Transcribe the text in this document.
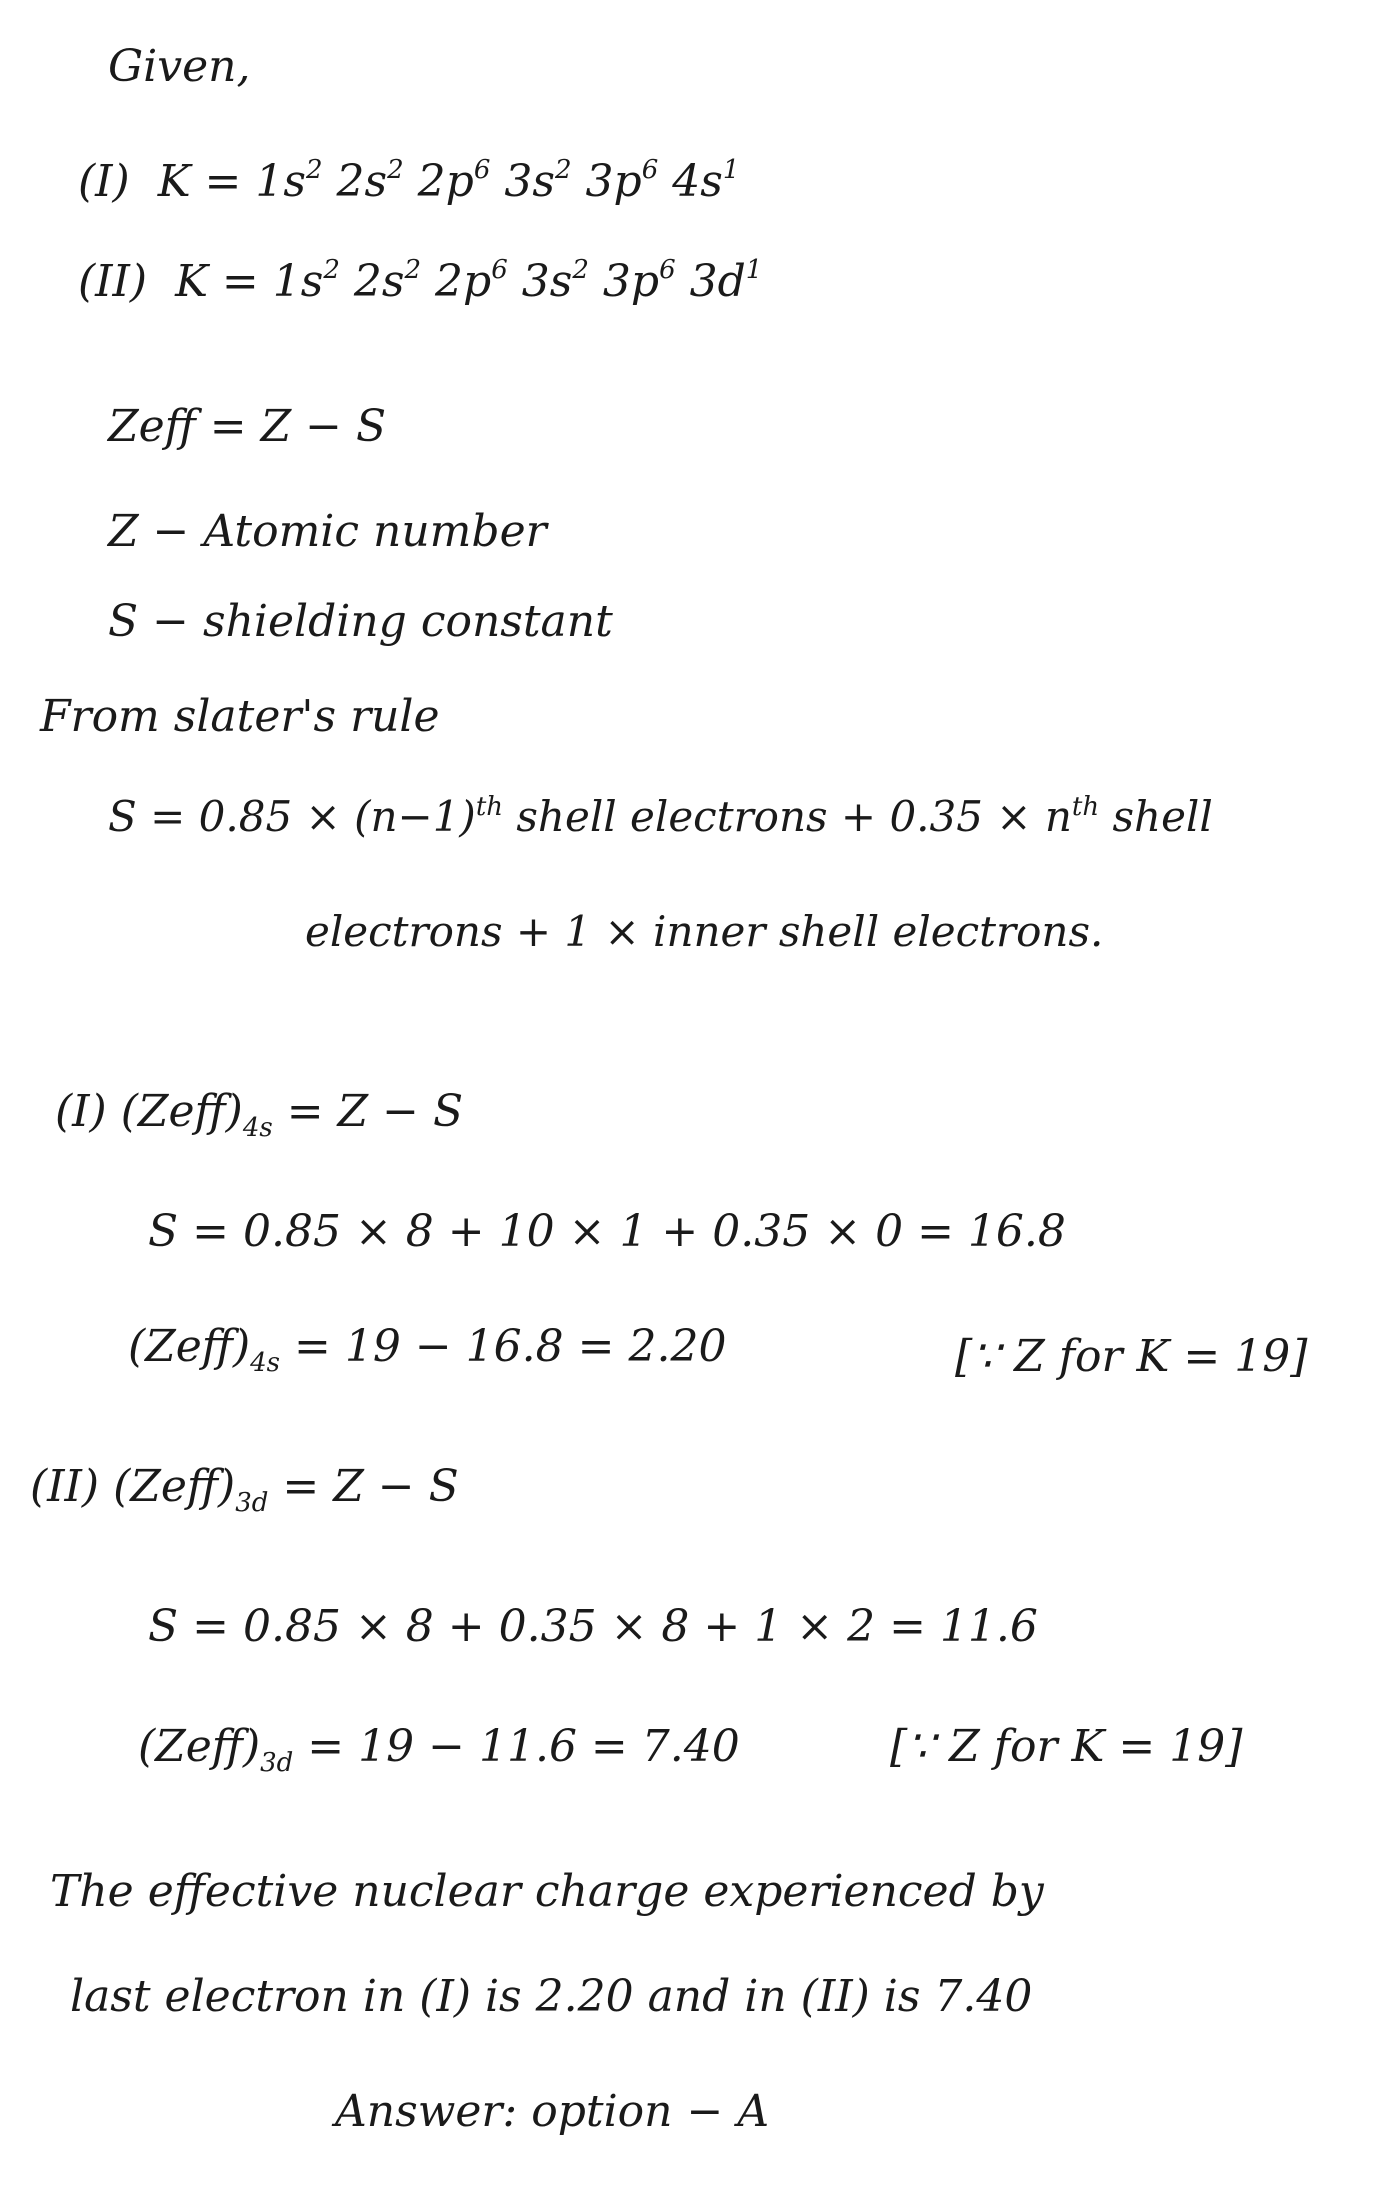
Given,
(I) $K = 1s^2$ $2s^2$ $2p^6$ $3s^2$ $3p^6$ $4s^1$
(II) $K = 1s^2$ $2s^2$ $2p^6$ $3s^2$ $3p^6$ $3d^1$
Zeff = Z − S
Z − Atomic number
S − shielding constant
From slater's rule
$S = 0.85 \times (n-1)^{th}$ shell electrons + $0.35 \times n^{th}$ shell
electrons + 1 × inner shell electrons.
(I) $(Zeff)_{4s} = Z - S$
S = 0.85 × 8 + 10 × 1 + 0.35 × 0 = 16.8
$(Zeff)_{4s} = 19 - 16.8 = 2.20$	[∵ Z for K = 19]
(II) $(Zeff)_{3d} = Z - S$
S = 0.85 × 8 + 0.35 × 8 + 1 × 2 = 11.6
$(Zeff)_{3d} = 19 - 11.6 = 7.40$	[∵ Z for K = 19]
The effective nuclear charge experienced by
last electron in (I) is 2.20 and in (II) is 7.40
Answer: option − A
